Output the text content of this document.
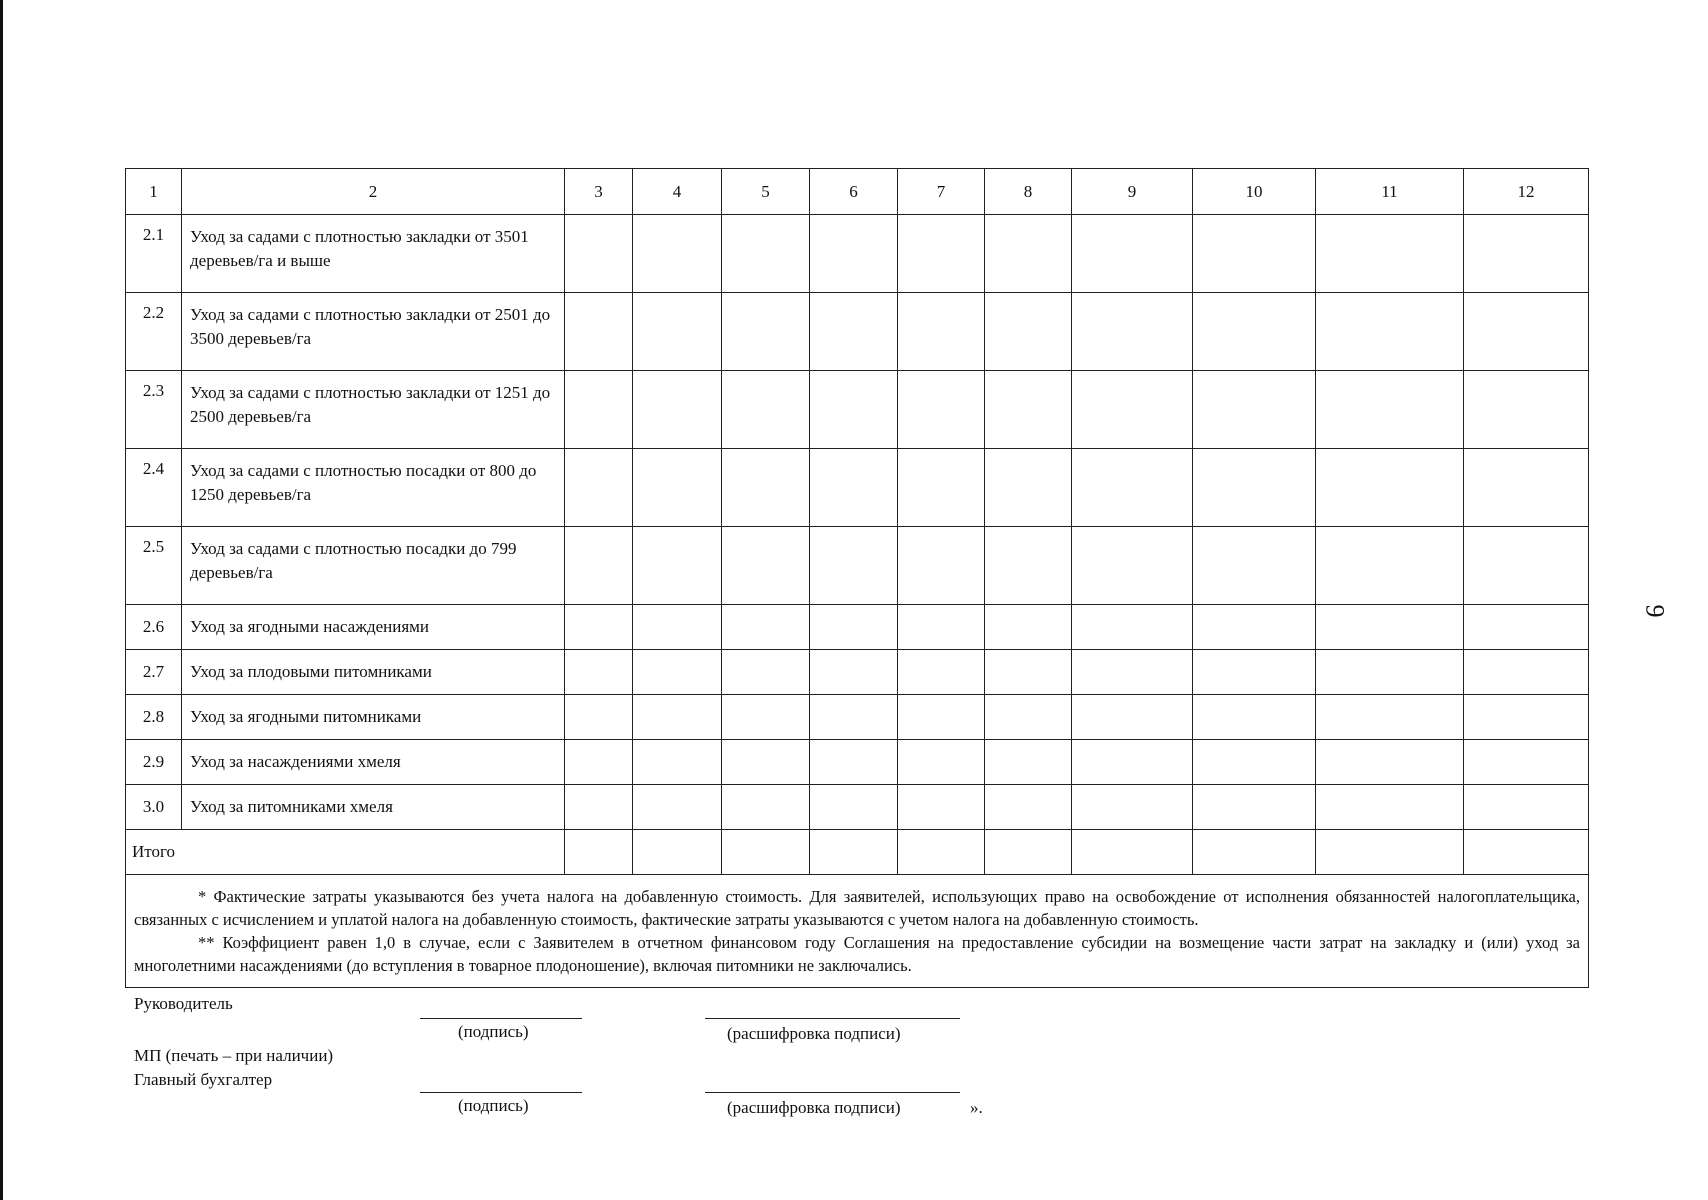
9
1	2	3	4	5	6	7	8	9	10	11	12
2.1	Уход за садами с плотностью закладки от 3501 деревьев/га и выше										
2.2	Уход за садами с плотностью закладки от 2501 до 3500 деревьев/га										
2.3	Уход за садами с плотностью закладки от 1251 до 2500 деревьев/га										
2.4	Уход за садами с плотностью посадки от 800 до 1250 деревьев/га										
2.5	Уход за садами с плотностью посадки до 799 деревьев/га										
2.6	Уход за ягодными насаждениями										
2.7	Уход за плодовыми питомниками										
2.8	Уход за ягодными питомниками										
2.9	Уход за насаждениями хмеля										
3.0	Уход за питомниками хмеля										
Итого											

* Фактические затраты указываются без учета налога на добавленную стоимость. Для заявителей, использующих право на освобождение от исполнения обязанностей налогоплательщика, связанных с исчислением и уплатой налога на добавленную стоимость, фактические затраты указываются с учетом налога на добавленную стоимость.

** Коэффициент равен 1,0 в случае, если с Заявителем в отчетном финансовом году Соглашения на предоставление субсидии на возмещение части затрат на закладку и (или) уход за многолетними насаждениями (до вступления в товарное плодоношение), включая питомники не заключались.											

Руководитель
(подпись)	(расшифровка подписи)
МП (печать – при наличии)
Главный бухгалтер
(подпись)	(расшифровка подписи)	».
